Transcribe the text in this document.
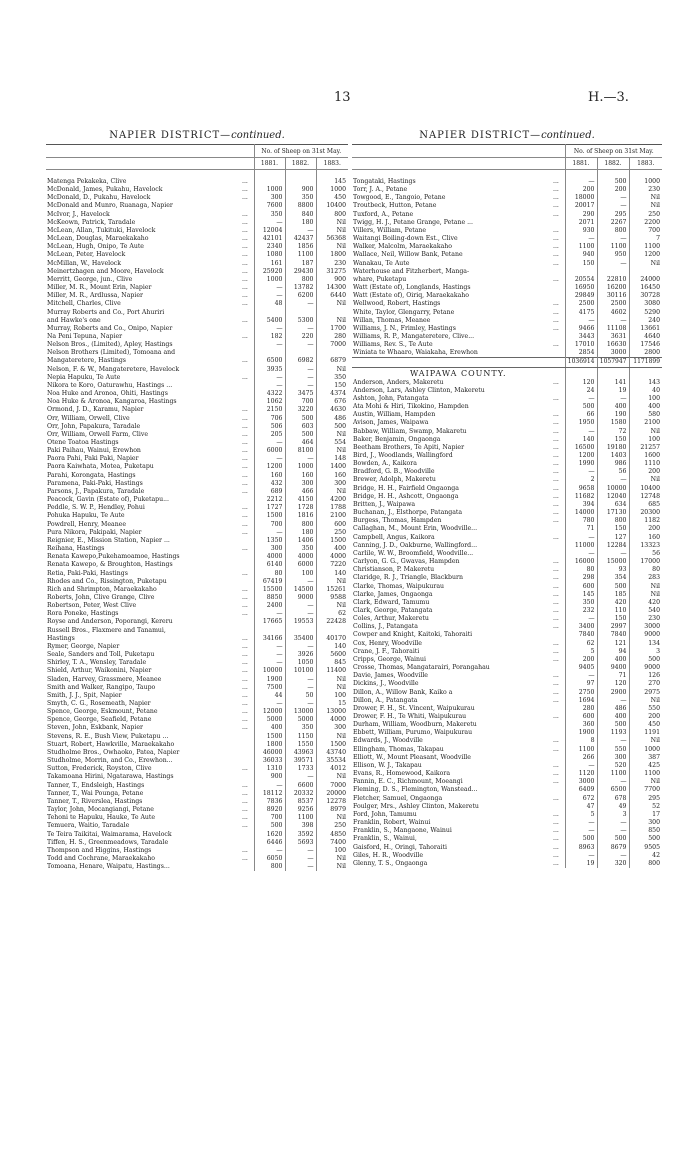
13	H.—3.
NAPIER DISTRICT—continued.
		No. of Sheep on 31st May.		
		1881.	1882.	1883.

Matenga Pekakeka, Clive	...			145
McDonald, James, Pukahu, Havelock	...	1000	900	1000
McDonald, D., Pukahu, Havelock	...	300	350	450
McDonald and Munro, Ruanaga, Napier		7600	8800	10400
McIvor, J., Havelock	...	350	840	800
McKeown, Patrick, Taradale	...	—	180	Nil
McLean, Allan, Tukituki, Havelock	...	12004	—	Nil
McLean, Douglas, Maraekakaho	...	42101	42437	56368
McLean, Hugh, Onipo, Te Aute	...	2340	1856	Nil
McLean, Peter, Havelock	...	1080	1100	1800
McMillan, W., Havelock	...	161	187	230
Meinertzhagen and Moore, Havelock	...	25920	29430	31275
Merritt, George, jun., Clive	...	1000	800	900
Miller, M. R., Mount Erin, Napier	...	—	13782	14300
Miller, M. R., Ardlussa, Napier	...	—	6200	6440
Mitchell, Charles, Clive	...	48	—	Nil
Murray Roberts and Co., Port Ahuriri				
and Hawke's one	...	5400	5300	Nil
Murray, Roberts and Co., Onipo, Napier		—	—	1700
Na Peni Tepuna, Napier	...	182	220	280
Nelson Bros., (Limited), Apley, Hastings		—	—	7000
Nelson Brothers (Limited), Tomoana and				
Mangateretere, Hastings	...	6500	6982	6879
Nelson, F. & W., Mangateretere, Havelock		3935	—	Nil
Nepia Hapuku, Te Aute	...	—	—	350
Nikora te Koro, Oaturawhu, Hastings ...		—	—	150
Noa Huke and Aronoa, Ohiti, Hastings		4322	3475	4374
Noa Huke & Aronoa, Kangaroa, Hastings		1062	700	676
Ormond, J. D., Karamu, Napier	...	2150	3220	4630
Orr, William, Orwell, Clive	...	706	500	486
Orr, John, Papakura, Taradale	...	506	603	500
Orr, William, Orwell Farm, Clive	...	205	500	Nil
Otene Toatoa Hastings	...	—	464	554
Paki Paihau, Wainui, Erewhon	...	6000	8100	Nil
Paora Pahi, Paki Paki, Napier	...	—	—	148
Paora Kaiwhata, Motea, Puketapu	...	1200	1000	1400
Parahi, Korongata, Hastings	...	160	160	160
Paramena, Paki-Paki, Hastings	...	432	300	300
Parsons, J., Papakura, Taradale	...	689	466	Nil
Peacock, Gavin (Estate of), Puketapu...		2212	4150	4200
Peddle, S. W. P., Hendley, Pohui	...	1727	1728	1788
Pohuka Hapuku, Te Aute	...	1500	1816	2100
Powdrell, Henry, Meanee	...	700	800	600
Pura Nikora, Pakipaki, Napier	...	—	180	250
Reignier, E., Mission Station, Napier ...		1350	1406	1500
Reihana, Hastings	...	300	350	400
Renata Kawepo,Pukehamoamoe, Hastings		4000	4000	4000
Renata Kawepo, & Broughton, Hastings		6140	6000	7220
Retia, Paki-Paki, Hastings	...	80	100	140
Rhodes and Co., Rissington, Puketapu		67419	—	Nil
Rich and Shrimpton, Maraekakaho	...	15500	14500	15261
Roberts, John, Clive Grange, Clive	...	8850	9000	9588
Robertson, Peter, West Clive	...	2400	—	Nil
Rora Poneke, Hastings	...	—	—	62
Royse and Anderson, Poporangi, Kereru		17665	19553	22428
Russell Bros., Flaxmere and Tanamui,				
Hastings	...	34166	35400	40170
Rymer, George, Napier	...	—	—	140
Seale, Sanders and Toll, Puketapu	...	—	3926	5600
Shirley, T. A., Wensley, Taradale	...	—	1050	845
Shield, Arthur, Waikonini, Napier	...	10000	10100	11400
Sladen, Harvey, Grassmere, Meanee	...	1900	—	Nil
Smith and Walker, Rangipo, Taupo	...	7500	—	Nil
Smith, J. J., Spit, Napier	...	44	50	100
Smyth, C. G., Rosemeath, Napier	...	—	—	15
Spence, George, Eskmount, Petane	...	12000	13000	13000
Spence, George, Seafield, Petane	...	5000	5000	4000
Steven, John, Eskbank, Napier	...	400	350	300
Stevens, R. E., Bush View, Puketapu ...		1500	1150	Nil
Stuart, Robert, Hawkville, Maraekakaho		1800	1550	1500
Studholme Bros., Owhaoko, Patea, Napier		46000	43963	43740
Studholme, Morrin, and Co., Erewhon...		36033	39571	35534
Sutton, Frederick, Royston, Clive	...	1310	1733	4012
Takamoana Hirini, Ngatarawa, Hastings		900	—	Nil
Tanner, T., Endsleigh, Hastings	...	—	6600	7000
Tanner, T., Wai Pounga, Petane	...	18112	20332	20000
Tanner, T., Riverslea, Hastings	...	7836	8537	12278
Taylor, John, Mocangiangi, Petane	...	8920	9256	8979
Tehoni te Hapuku, Hauke, Te Aute	...	700	1100	Nil
Temuera, Waitio, Taradale	...	500	398	250
Te Teira Taikitai, Waimarama, Havelock		1620	3592	4850
Tiffen, H. S., Greenmeadows, Taradale		6446	5693	7400
Thompson and Higgins, Hastings	...	—	—	100
Todd and Cochrane, Maraekakaho	...	6050	—	Nil
Tomoana, Henare, Waipatu, Hastings...		800	—	Nil
NAPIER DISTRICT—continued.
		No. of Sheep on 31st May.		
		1881.	1882.	1883.

Tongataki, Hastings	...	—	500	1000
Torr, J. A., Petane	...	200	200	230
Towgood, E., Tangoio, Petane	...	18000	—	Nil
Troutbeck, Hutton, Petane	...	20017	—	Nil
Tuxford, A., Petane	...	290	295	250
Twigg, H. J., Petane Grange, Petane ...		2071	2267	2200
Villers, William, Petane	...	930	800	700
Waitangi Boiling-down Est., Clive	...	—	—	7
Walker, Malcolm, Maraekakaho	...	1100	1100	1100
Wallace, Neil, Willow Bank, Petane	...	940	950	1200
Wanakau, Te Aute	...	150	—	Nil
Waterhouse and Fitzherbert, Manga-				
whare, Puketapu	...	20554	22810	24000
Watt (Estate of), Longlands, Hastings		16950	16200	16450
Watt (Estate of), Oiriq, Maraekakaho		29849	30116	30728
Wellwood, Robert, Hastings	...	2500	2500	3080
White, Taylor, Glengarry, Petane	...	4175	4602	5290
Willan, Thomas, Meanee	...	—	—	240
Williams, J. N., Frimley, Hastings	...	9466	11108	13661
Williams, R. P., Mangateretere, Clive...		3443	3631	4640
Williams, Rev. S., Te Aute	...	17010	16630	17546
Winiata te Whaaro, Waiakaha, Erewhon		2854	3000	2800
		1036914	1057947	1171899
WAIPAWA COUNTY.				
Anderson, Anders, Makeretu	...	120	141	143
Anderson, Lars, Ashley Clinton, Makeretu		24	19	40
Ashton, John, Patangata	...	—	—	100
Ata Mohi & Hiri, Tikokino, Hampden		500	400	400
Austin, William, Hampden	...	66	190	580
Avison, James, Waipawa	...	1950	1580	2100
Babbaw, William, Swamp, Makaretu	...	—	72	Nil
Baker, Benjamin, Ongaonga	...	140	150	100
Beetham Brothers, Te Apiti, Napier	...	16500	19180	21257
Bird, J., Woodlands, Wallingford	...	1200	1403	1600
Bowden, A., Kaikora	...	1990	986	1110
Bradford, G. B., Woodville	...	—	56	200
Brewer, Adolph, Makeretu	...	2	—	Nil
Bridge, H. H., Fairfield Ongaonga	...	9658	10000	10400
Bridge, H. H., Ashcott, Ongaonga	...	11682	12040	12748
Britten, J., Waipawa	...	394	634	685
Buchanan, J., Elsthorpe, Patangata	...	14000	17130	20300
Burgess, Thomas, Hampden	...	780	800	1182
Callaghan, M., Mount Erin, Woodville...		71	150	200
Campbell, Angus, Kaikora	...	—	127	160
Canning, J. D., Oakburne, Wallingford...		11000	12284	13323
Carlile, W. W., Broomfield, Woodville...		—	—	56
Carlyon, G. G., Gwavas, Hampden	...	16000	15000	17000
Christianson, P. Makeretu	...	80	93	80
Claridge, R. J., Triangle, Blackburn	...	298	354	283
Clarke, Thomas, Waipukurau	...	600	500	Nil
Clarke, James, Ongaonga	...	145	185	Nil
Clark, Edward, Tamumu	...	350	420	420
Clark, George, Patangata	...	232	110	540
Coles, Arthur, Makeretu	...	—	150	230
Collins, J., Patangata	...	3400	2997	3000
Cowper and Knight, Kaitoki, Tahoraiti		7840	7840	9000
Cox, Henry, Woodville	...	62	121	134
Crane, J. F., Tahoraiti	...	5	94	3
Cripps, George, Wainui	...	200	400	500
Crosse, Thomas, Mangatarairi, Porangahau		9405	9400	9000
Davie, James, Woodville	...	—	71	126
Dickins, J., Woodville	...	97	120	270
Dillon, A., Willow Bank, Kaiko a	...	2750	2900	2975
Dillon, A., Patangata	...	1694	—	Nil
Drower, F. H., St. Vincent, Waipukurau		280	486	550
Drower, F. H., Te Whiti, Waipukurau	...	600	400	200
Durham, William, Woodburn, Makeretu		360	500	450
Ebbett, William, Purumo, Waipukurau		1900	1193	1191
Edwards, J., Woodville	...	8	—	Nil
Ellingham, Thomas, Takapau	...	1100	550	1000
Elliott, W., Mount Pleasant, Woodville		266	300	387
Ellison, W. J., Takapau	...	—	520	425
Evans, R., Homewood, Kaikora	...	1120	1100	1100
Fannin, E. C., Richmount, Moeangi	...	3000	—	Nil
Fleming, D. S., Flemington, Wanstead...		6409	6500	7700
Fletcher, Samuel, Ongaonga	...	672	678	295
Foulger, Mrs., Ashley Clinton, Makeretu		47	49	52
Ford, John, Tamumu	...	5	3	17
Franklin, Robert, Wainui	...	—	—	300
Franklin, S., Mangaone, Wainui	...	—	—	850
Franklin, S., Wainui,	...	500	500	500
Gaisford, H., Oringi, Tahoraiti	...	8963	8679	9505
Giles, H. R., Woodville	...	—	—	42
Glenny, T. S., Ongaonga	...	19	320	800
